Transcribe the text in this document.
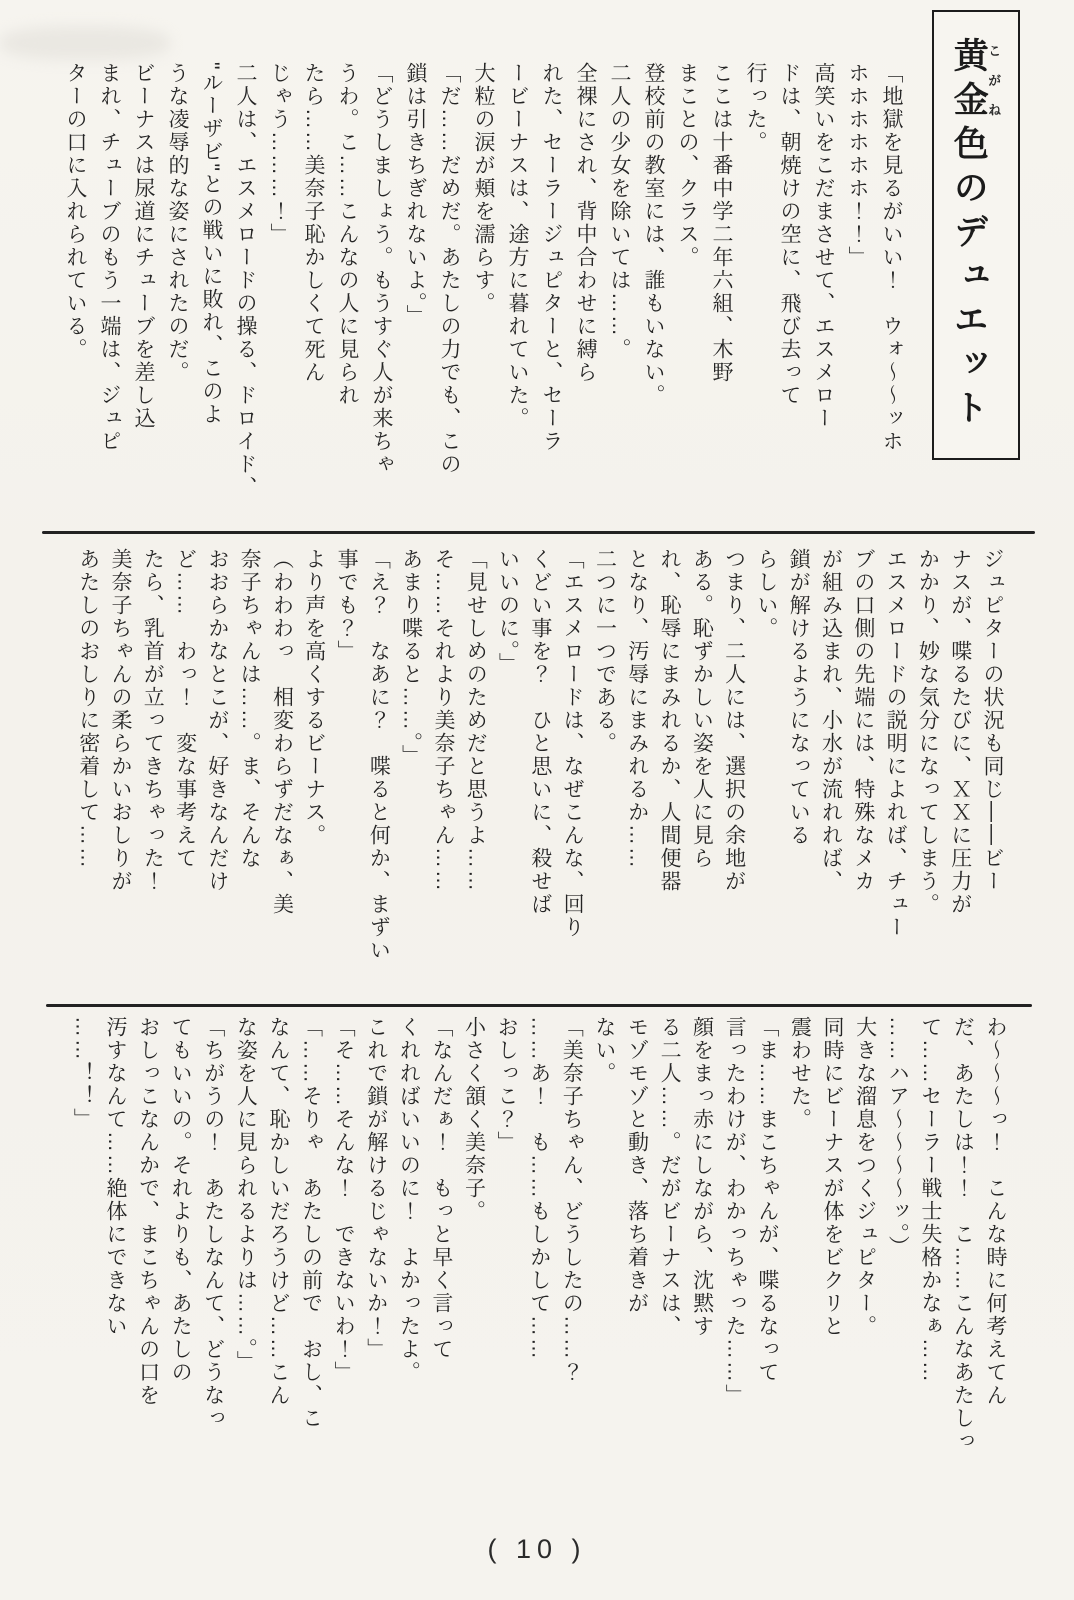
黄金こがね色のデュエット
「地獄を見るがいい！　ウォ〜〜ッホ
ホホホホホホ！！」
高笑いをこだまさせて、エスメロー
ドは、朝焼けの空に、飛び去って
行った。
ここは十番中学二年六組、木野
まことの、クラス。
登校前の教室には、誰もいない。
二人の少女を除いては……。
全裸にされ、背中合わせに縛ら
れた、セーラージュピターと、セーラ
ービーナスは、途方に暮れていた。
大粒の涙が頬を濡らす。
「だ……だめだ。あたしの力でも、この
鎖は引きちぎれないよ。」
「どうしましょう。もうすぐ人が来ちゃ
うわ。こ……こんなの人に見られ
たら……美奈子恥かしくて死ん
じゃう………！」
二人は、エスメロードの操る、ドロイド、
"ルーザビ"との戦いに敗れ、このよ
うな凌辱的な姿にされたのだ。
ビーナスは尿道にチューブを差し込
まれ、チューブのもう一端は、ジュピ
ターの口に入れられている。
ジュピターの状況も同じ――ビー
ナスが、喋るたびに、ＸＸに圧力が
かかり、妙な気分になってしまう。
エスメロードの説明によれば、チュー
ブの口側の先端には、特殊なメカ
が組み込まれ、小水が流れれば、
鎖が解けるようになっている
らしい。
つまり、二人には、選択の余地が
ある。恥ずかしい姿を人に見ら
れ、恥辱にまみれるか、人間便器
となり、汚辱にまみれるか……
二つに一つである。
「エスメロードは、なぜこんな、回り
くどい事を？　ひと思いに、殺せば
いいのに。」
「見せしめのためだと思うよ……
そ……それより美奈子ちゃん……
あまり喋ると……。」
「え？　なあに？　喋ると何か、まずい
事でも？」
より声を高くするビーナス。
（わわわっ　相変わらずだなぁ、美
奈子ちゃんは……。ま、そんな
おおらかなとこが、好きなんだけ
ど……　わっ！　変な事考えて
たら、乳首が立ってきちゃった！
美奈子ちゃんの柔らかいおしりが
あたしのおしりに密着して……
わ〜〜〜っ！　こんな時に何考えてん
だ、あたしは！！　こ……こんなあたしっ
て……セーラー戦士失格かなぁ……
……ハア〜〜〜〜ッ。）
大きな溜息をつくジュピター。
同時にビーナスが体をビクリと
震わせた。
「ま……まこちゃんが、喋るなって
言ったわけが、わかっちゃった……」
顔をまっ赤にしながら、沈黙す
る二人……。だがビーナスは、
モゾモゾと動き、落ち着きが
ない。
「美奈子ちゃん、どうしたの……？
……あ！　も……もしかして……
おしっこ？」
小さく頷く美奈子。
「なんだぁ！　もっと早く言って
くれればいいのに！　よかったよ。
これで鎖が解けるじゃないか！」
「そ……そんな！　できないわ！」
「……そりゃ　あたしの前で　おし、こ
なんて、恥かしいだろうけど……こん
な姿を人に見られるよりは……。」
「ちがうの！　あたしなんて、どうなっ
てもいいの。それよりも、あたしの
おしっこなんかで、まこちゃんの口を
汚すなんて……絶体にできない
……！！」
( 10 )
